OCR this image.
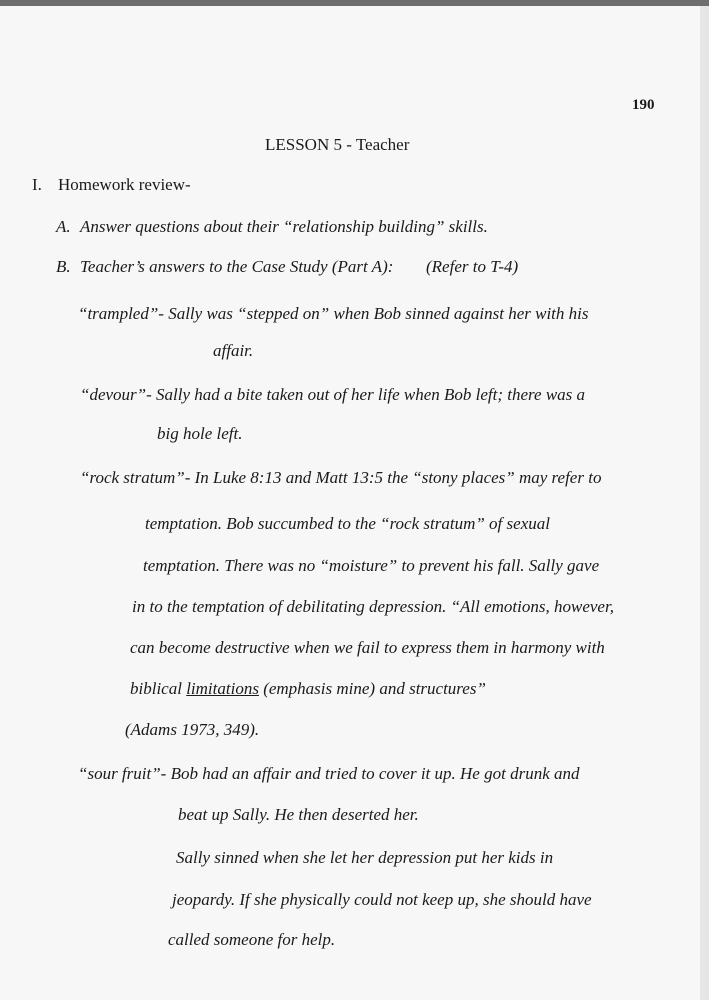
190
LESSON 5 - Teacher
I. Homework review-
A. Answer questions about their “relationship building” skills.
B. Teacher’s answers to the Case Study (Part A): (Refer to T-4)
“trampled”- Sally was “stepped on” when Bob sinned against her with his
affair.
“devour”- Sally had a bite taken out of her life when Bob left; there was a
big hole left.
“rock stratum”- In Luke 8:13 and Matt 13:5 the “stony places” may refer to
temptation. Bob succumbed to the “rock stratum” of sexual
temptation. There was no “moisture” to prevent his fall. Sally gave
in to the temptation of debilitating depression. “All emotions, however,
can become destructive when we fail to express them in harmony with
biblical limitations (emphasis mine) and structures”
(Adams 1973, 349).
“sour fruit”- Bob had an affair and tried to cover it up. He got drunk and
beat up Sally. He then deserted her.
Sally sinned when she let her depression put her kids in
jeopardy. If she physically could not keep up, she should have
called someone for help.
